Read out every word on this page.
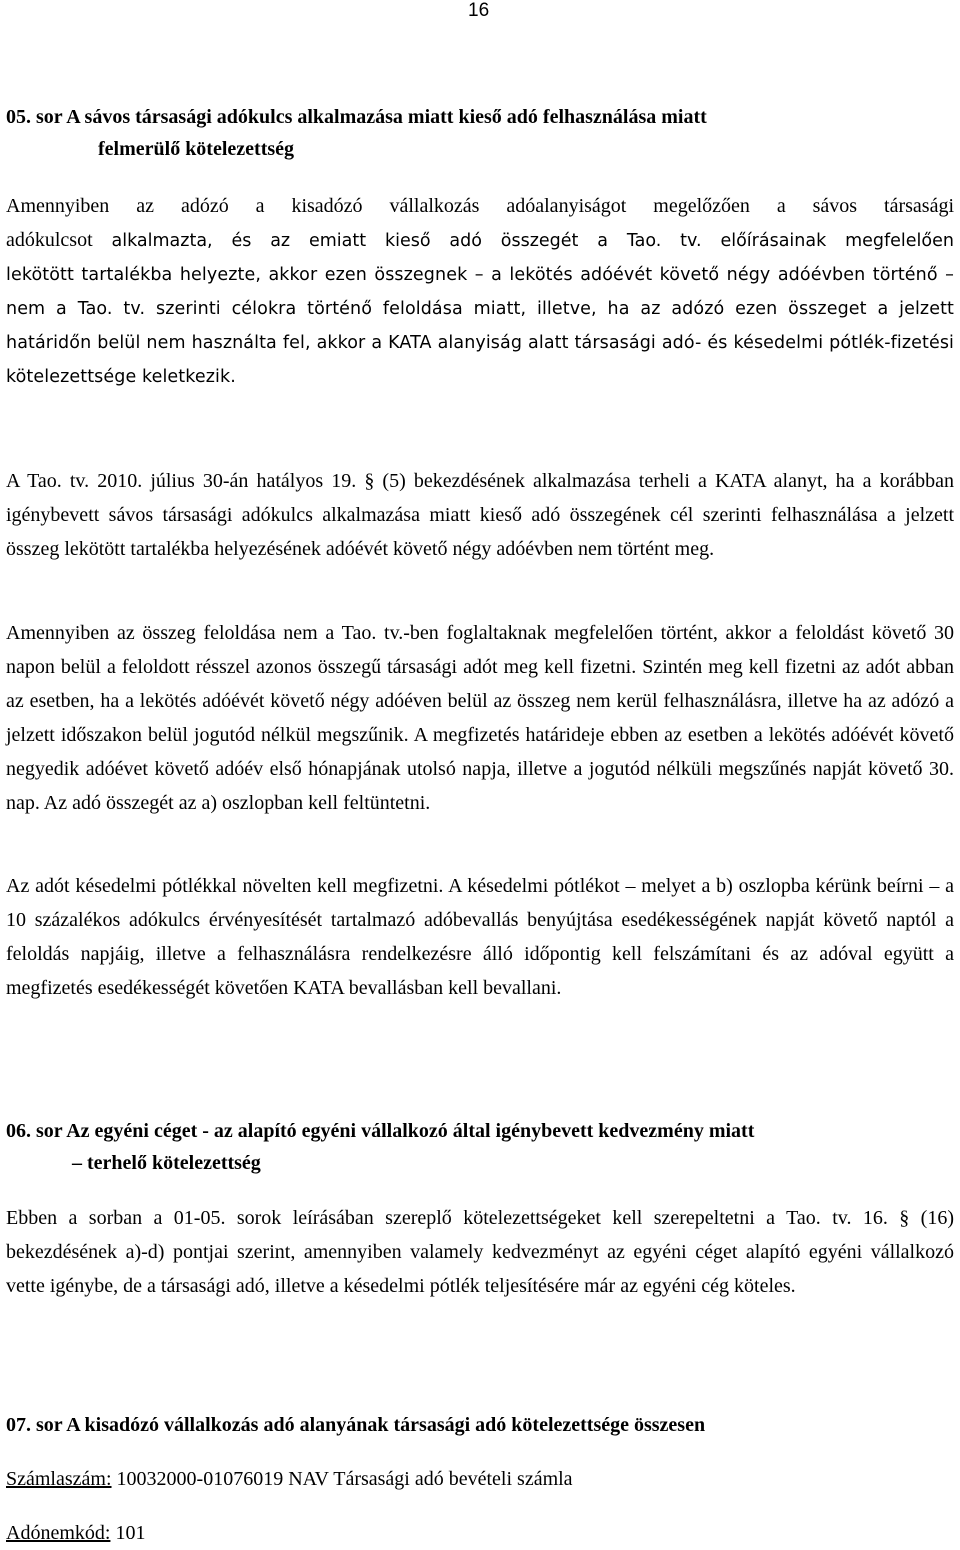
16
05. sor A sávos társasági adókulcs alkalmazása miatt kieső adó felhasználása miatt
felmerülő kötelezettség

Amennyiben az adózó a kisadózó vállalkozás adóalanyiságot megelőzően a sávos társasági

adókulcsot alkalmazta, és az emiatt kieső adó összegét a Tao. tv. előírásainak megfelelően

lekötött tartalékba helyezte, akkor ezen összegnek – a lekötés adóévét követő négy adóévben történő – nem a Tao. tv. szerinti célokra történő feloldása miatt, illetve, ha az adózó ezen összeget a jelzett határidőn belül nem használta fel, akkor a KATA alanyiság alatt társasági adó- és késedelmi pótlék-fizetési kötelezettsége keletkezik.

A Tao. tv. 2010. július 30-án hatályos 19. § (5) bekezdésének alkalmazása terheli a KATA alanyt, ha a korábban igénybevett sávos társasági adókulcs alkalmazása miatt kieső adó összegének cél szerinti felhasználása a jelzett összeg lekötött tartalékba helyezésének adóévét követő négy adóévben nem történt meg.

Amennyiben az összeg feloldása nem a Tao. tv.-ben foglaltaknak megfelelően történt, akkor a feloldást követő 30 napon belül a feloldott résszel azonos összegű társasági adót meg kell fizetni. Szintén meg kell fizetni az adót abban az esetben, ha a lekötés adóévét követő négy adóéven belül az összeg nem kerül felhasználásra, illetve ha az adózó a jelzett időszakon belül jogutód nélkül megszűnik. A megfizetés határideje ebben az esetben a lekötés adóévét követő negyedik adóévet követő adóév első hónapjának utolsó napja, illetve a jogutód nélküli megszűnés napját követő 30. nap. Az adó összegét az a) oszlopban kell feltüntetni.

Az adót késedelmi pótlékkal növelten kell megfizetni. A késedelmi pótlékot – melyet a b) oszlopba kérünk beírni – a 10 százalékos adókulcs érvényesítését tartalmazó adóbevallás benyújtása esedékességének napját követő naptól a feloldás napjáig, illetve a felhasználásra rendelkezésre álló időpontig kell felszámítani és az adóval együtt a megfizetés esedékességét követően KATA bevallásban kell bevallani.

06. sor Az egyéni céget - az alapító egyéni vállalkozó által igénybevett kedvezmény miatt
– terhelő kötelezettség

Ebben a sorban a 01-05. sorok leírásában szereplő kötelezettségeket kell szerepeltetni a Tao. tv. 16. § (16) bekezdésének a)-d) pontjai szerint, amennyiben valamely kedvezményt az egyéni céget alapító egyéni vállalkozó vette igénybe, de a társasági adó, illetve a késedelmi pótlék teljesítésére már az egyéni cég köteles.

07. sor A kisadózó vállalkozás adó alanyának társasági adó kötelezettsége összesen
Számlaszám: 10032000-01076019 NAV Társasági adó bevételi számla
Adónemkód: 101
